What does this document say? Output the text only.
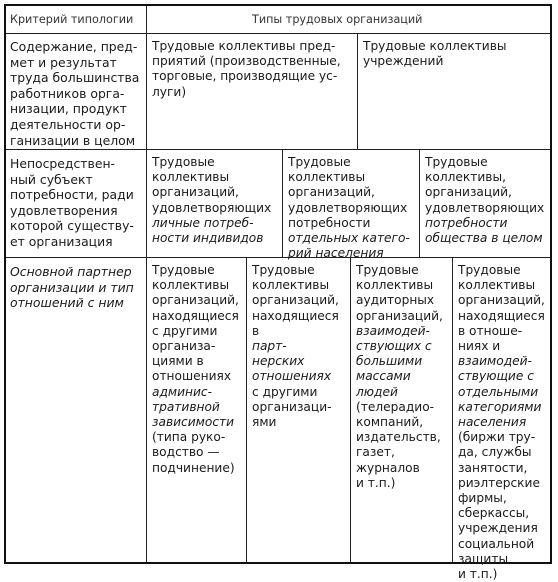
Критерий типологии	Типы трудовых организаций
Содержание, пред-
мет и результат
труда большинства
работников орга-
низации, продукт
деятельности ор-
ганизации в целом
Трудовые коллективы пред-
приятий (производственные,
торговые, производящие ус-
луги)
Трудовые коллективы
учреждений
Непосредствен-
ный субъект
потребности, ради
удовлетворения
которой существу-
ет организация
Трудовые
коллективы
организаций,
удовлетворяющих
личные потреб-
ности индивидов
Трудовые
коллективы
организаций,
удовлетворяющих
потребности
отдельных катего-
рий населения
Трудовые
коллективы,
организаций,
удовлетворяющих
потребности
общества в целом
Основной партнер
организации и тип
отношений с ним
Трудовые
коллективы
организаций,
находящиеся
с другими
организа-
циями в
отношениях
админис-
тративной
зависимости
(типа руко-
водство —
подчинение)
Трудовые
коллективы
организаций,
находящиеся
в
парт-
нерских
отношениях
с другими
организаци-
ями
Трудовые
коллективы
аудиторных
организаций,
взаимодей-
ствующих с
большими
массами
людей
(телерадио-
компаний,
издательств,
газет,
журналов
и т.п.)
Трудовые
коллективы
организаций,
находящиеся
в отноше-
ниях и
взаимодей-
ствующие с
отдельными
категориями
населения
(биржи тру-
да, службы
занятости,
риэлтерские
фирмы,
сберкассы,
учреждения
социальной
защиты
и т.п.)
